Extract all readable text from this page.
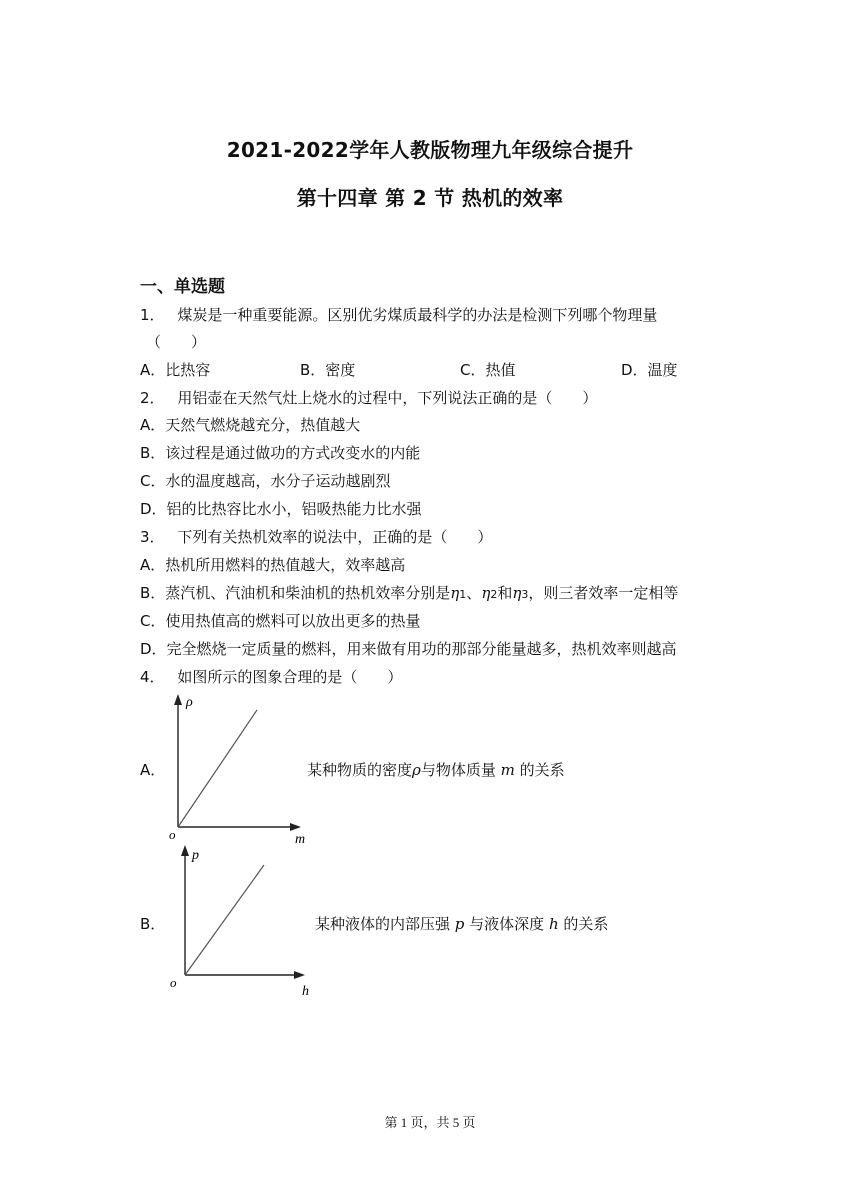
2021-2022学年人教版物理九年级综合提升
第十四章 第 2 节 热机的效率
一、单选题
1． 煤炭是一种重要能源。区别优劣煤质最科学的办法是检测下列哪个物理量
（　　）
A．比热容	B．密度	C．热值	D．温度
2． 用铝壶在天然气灶上烧水的过程中，下列说法正确的是（　　）
A．天然气燃烧越充分，热值越大
B．该过程是通过做功的方式改变水的内能
C．水的温度越高，水分子运动越剧烈
D．铝的比热容比水小，铝吸热能力比水强
3． 下列有关热机效率的说法中，正确的是（　　）
A．热机所用燃料的热值越大，效率越高
B．蒸汽机、汽油机和柴油机的热机效率分别是η1、η2和η3，则三者效率一定相等
C．使用热值高的燃料可以放出更多的热量
D．完全燃烧一定质量的燃料，用来做有用功的那部分能量越多，热机效率则越高
4． 如图所示的图象合理的是（　　）
A．
ρ
m
o
某种物质的密度ρ与物体质量 m 的关系
B．
p
h
o
某种液体的内部压强 p 与液体深度 h 的关系
第 1 页，共 5 页
